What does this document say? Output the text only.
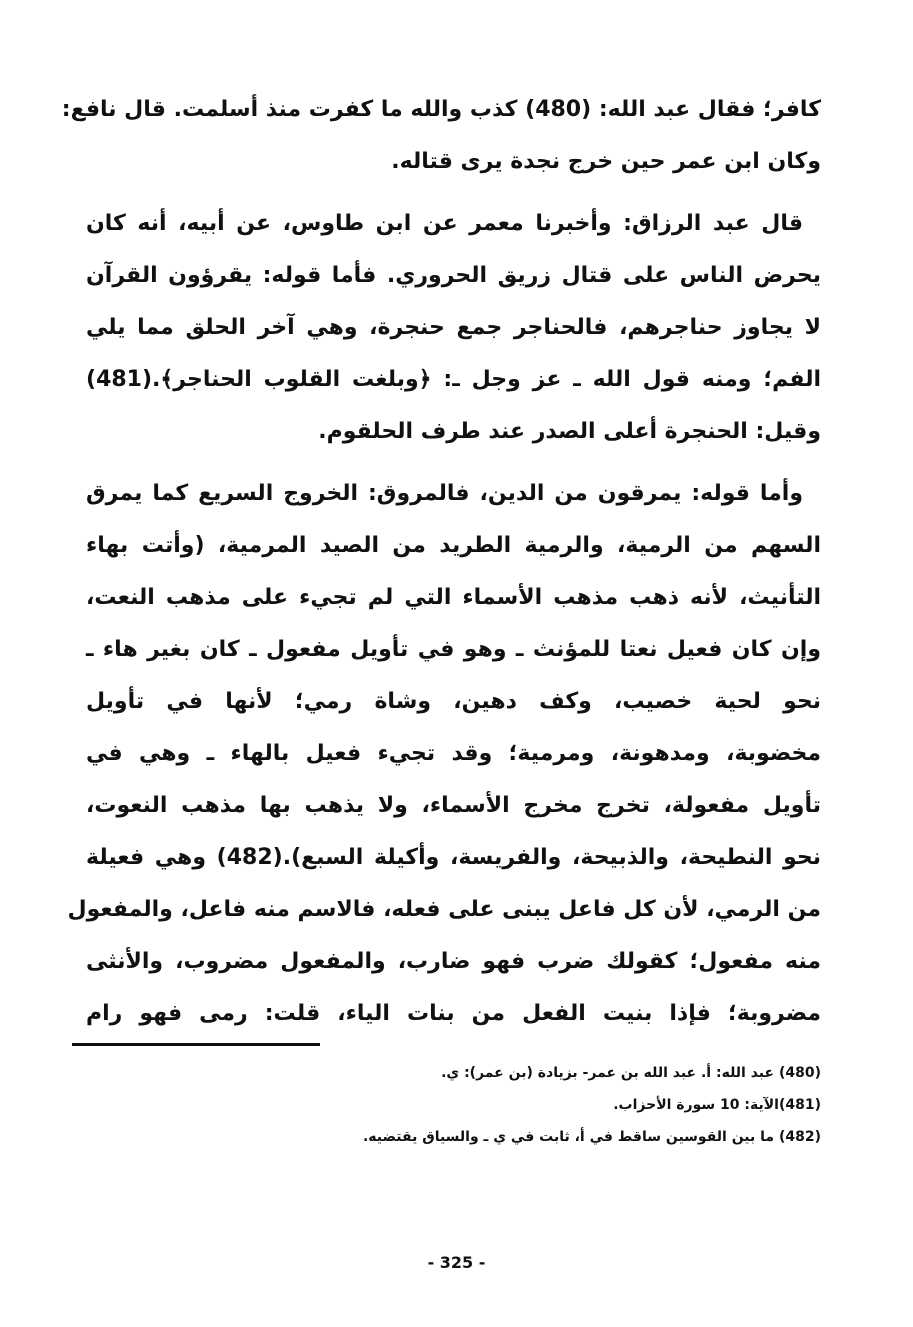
كافر؛ فقال عبد الله: (480) كذب والله ما كفرت منذ أسلمت. قال نافع:
وكان ابن عمر حين خرج نجدة يرى قتاله.
قال عبد الرزاق: وأخبرنا معمر عن ابن طاوس، عن أبيه، أنه كان
يحرض الناس على قتال زريق الحروري. فأما قوله: يقرؤون القرآن
لا يجاوز حناجرهم، فالحناجر جمع حنجرة، وهي آخر الحلق مما يلي
الفم؛ ومنه قول الله ـ عز وجل ـ: ﴿وبلغت القلوب الحناجر﴾.(481)
وقيل: الحنجرة أعلى الصدر عند طرف الحلقوم.
وأما قوله: يمرقون من الدين، فالمروق: الخروج السريع كما يمرق
السهم من الرمية، والرمية الطريد من الصيد المرمية، (وأتت بهاء
التأنيث، لأنه ذهب مذهب الأسماء التي لم تجيء على مذهب النعت،
وإن كان فعيل نعتا للمؤنث ـ وهو في تأويل مفعول ـ كان بغير هاء ـ
نحو لحية خصيب، وكف دهين، وشاة رمي؛ لأنها في تأويل
مخضوبة، ومدهونة، ومرمية؛ وقد تجيء فعيل بالهاء ـ وهي في
تأويل مفعولة، تخرج مخرج الأسماء، ولا يذهب بها مذهب النعوت،
نحو النطيحة، والذبيحة، والفريسة، وأكيلة السبع).(482) وهي فعيلة
من الرمي، لأن كل فاعل يبنى على فعله، فالاسم منه فاعل، والمفعول
منه مفعول؛ كقولك ضرب فهو ضارب، والمفعول مضروب، والأنثى
مضروبة؛ فإذا بنيت الفعل من بنات الياء، قلت: رمى فهو رام
(480) عبد الله: أ. عبد الله بن عمر- بزيادة (بن عمر): ي.
(481)الآية: 10 سورة الأحزاب.
(482) ما بين القوسين ساقط في أ، ثابت في ي ـ والسياق يقتضيه.
- 325 -
